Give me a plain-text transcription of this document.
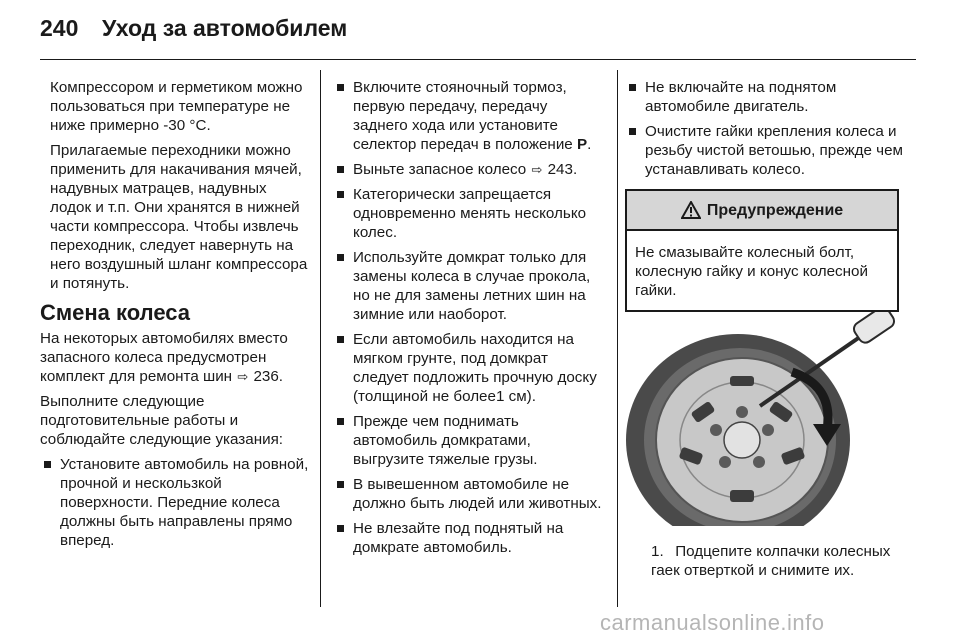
240	Уход за автомобилем

Компрессором и герметиком можно пользоваться при температуре не ниже примерно -30 °C.

Прилагаемые переходники можно применить для накачивания мячей, надувных матрацев, надувных лодок и т.п. Они хранятся в нижней части компрессора. Чтобы извлечь переходник, следует навернуть на него воздушный шланг компрессора и потянуть.

Смена колеса

На некоторых автомобилях вместо запасного колеса предусмотрен комплект для ремонта шин ⇨ 236.

Выполните следующие подготовительные работы и соблюдайте следующие указания:

Установите автомобиль на ровной, прочной и нескользкой поверхности. Передние колеса должны быть направлены прямо вперед.
Включите стояночный тормоз, первую передачу, передачу заднего хода или установите селектор передач в положение P.
Выньте запасное колесо ⇨ 243.
Категорически запрещается одновременно менять несколько колес.
Используйте домкрат только для замены колеса в случае прокола, но не для замены летних шин на зимние или наоборот.
Если автомобиль находится на мягком грунте, под домкрат следует подложить прочную доску (толщиной не более1 см).
Прежде чем поднимать автомобиль домкратами, выгрузите тяжелые грузы.
В вывешенном автомобиле не должно быть людей или животных.
Не влезайте под поднятый на домкрате автомобиль.
Не включайте на поднятом автомобиле двигатель.
Очистите гайки крепления колеса и резьбу чистой ветошью, прежде чем устанавливать колесо.
Предупреждение
Не смазывайте колесный болт, колесную гайку и конус колесной гайки.
1. Подцепите колпачки колесных гаек отверткой и снимите их.
carmanualsonline.info
